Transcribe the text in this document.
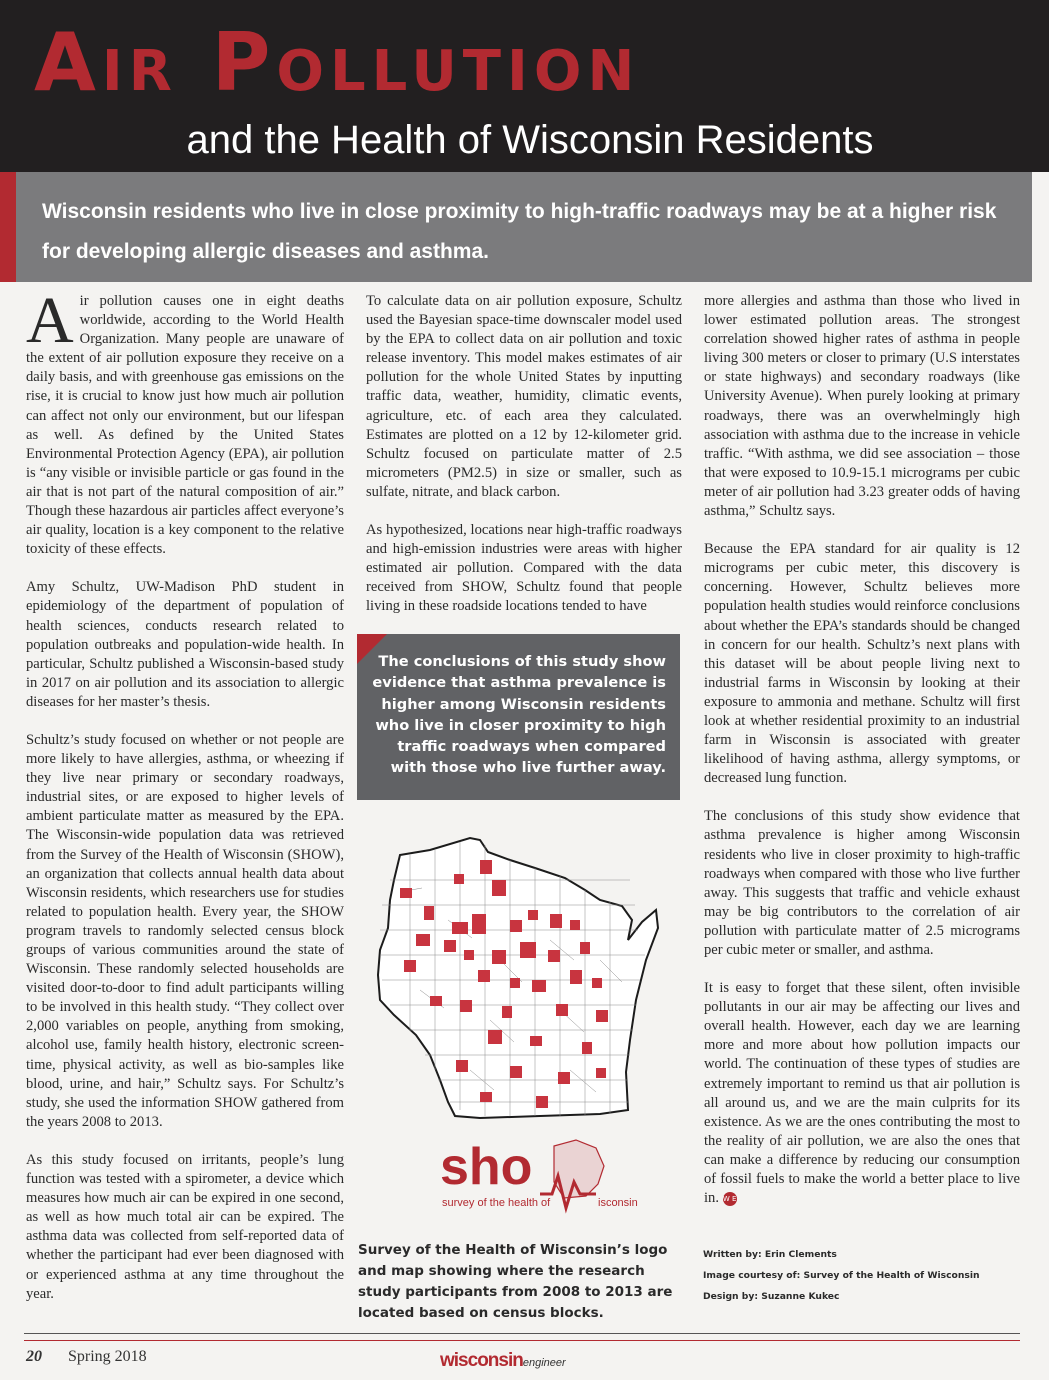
Air Pollution
and the Health of Wisconsin Residents
Wisconsin residents who live in close proximity to high-traffic roadways may be at a higher risk for developing allergic diseases and asthma.

Air pollution causes one in eight deaths worldwide, according to the World Health Organization. Many people are unaware of the extent of air pollution exposure they receive on a daily basis, and with greenhouse gas emissions on the rise, it is crucial to know just how much air pollution can affect not only our environment, but our lifespan as well. As defined by the United States Environmental Protection Agency (EPA), air pollution is “any visible or invisible particle or gas found in the air that is not part of the natural composition of air.” Though these hazardous air particles affect everyone’s air quality, location is a key component to the relative toxicity of these effects.

Amy Schultz, UW-Madison PhD student in epidemiology of the department of population of health sciences, conducts research related to population outbreaks and population-wide health. In particular, Schultz published a Wisconsin-based study in 2017 on air pollution and its association to allergic diseases for her master’s thesis.

Schultz’s study focused on whether or not people are more likely to have allergies, asthma, or wheezing if they live near primary or secondary roadways, industrial sites, or are exposed to higher levels of ambient particulate matter as measured by the EPA. The Wisconsin-wide population data was retrieved from the Survey of the Health of Wisconsin (SHOW), an organization that collects annual health data about Wisconsin residents, which researchers use for studies related to population health. Every year, the SHOW program travels to randomly selected census block groups of various communities around the state of Wisconsin. These randomly selected households are visited door-to-door to find adult participants willing to be involved in this health study. “They collect over 2,000 variables on people, anything from smoking, alcohol use, family health history, electronic screen-time, physical activity, as well as bio-samples like blood, urine, and hair,” Schultz says. For Schultz’s study, she used the information SHOW gathered from the years 2008 to 2013.

As this study focused on irritants, people’s lung function was tested with a spirometer, a device which measures how much air can be expired in one second, as well as how much total air can be expired. The asthma data was collected from self-reported data of whether the participant had ever been diagnosed with or experienced asthma at any time throughout the year.

To calculate data on air pollution exposure, Schultz used the Bayesian space-time downscaler model used by the EPA to collect data on air pollution and toxic release inventory. This model makes estimates of air pollution for the whole United States by inputting traffic data, weather, humidity, climatic events, agriculture, etc. of each area they calculated. Estimates are plotted on a 12 by 12-kilometer grid. Schultz focused on particulate matter of 2.5 micrometers (PM2.5) in size or smaller, such as sulfate, nitrate, and black carbon.

As hypothesized, locations near high-traffic roadways and high-emission industries were areas with higher estimated air pollution. Compared with the data received from SHOW, Schultz found that people living in these roadside locations tended to have

more allergies and asthma than those who lived in lower estimated pollution areas. The strongest correlation showed higher rates of asthma in people living 300 meters or closer to primary (U.S interstates or state highways) and secondary roadways (like University Avenue). When purely looking at primary roadways, there was an overwhelmingly high association with asthma due to the increase in vehicle traffic. “With asthma, we did see association – those that were exposed to 10.9-15.1 micrograms per cubic meter of air pollution had 3.23 greater odds of having asthma,” Schultz says.

Because the EPA standard for air quality is 12 micrograms per cubic meter, this discovery is concerning. However, Schultz believes more population health studies would reinforce conclusions about whether the EPA’s standards should be changed in concern for our health. Schultz’s next plans with this dataset will be about people living next to industrial farms in Wisconsin by looking at their exposure to ammonia and methane. Schultz will first look at whether residential proximity to an industrial farm in Wisconsin is associated with greater likelihood of having asthma, allergy symptoms, or decreased lung function.

The conclusions of this study show evidence that asthma prevalence is higher among Wisconsin residents who live in closer proximity to high-traffic roadways when compared with those who live further away. This suggests that traffic and vehicle exhaust may be big contributors to the correlation of air pollution with particulate matter of 2.5 micrograms per cubic meter or smaller, and asthma.

It is easy to forget that these silent, often invisible pollutants in our air may be affecting our lives and overall health. However, each day we are learning more and more about how pollution impacts our world. The continuation of these types of studies are extremely important to remind us that air pollution is all around us, and we are the main culprits for its existence. As we are the ones contributing the most to the reality of air pollution, we are also the ones that can make a difference by reducing our consumption of fossil fuels to make the world a better place to live in. W E

The conclusions of this study show evidence that asthma prevalence is higher among Wisconsin residents who live in closer proximity to high traffic roadways when compared with those who live further away.
sho
survey of the health of	isconsin
Survey of the Health of Wisconsin’s logo and map showing where the research study participants from 2008 to 2013 are located based on census blocks.
Written by: Erin Clements
Image courtesy of: Survey of the Health of Wisconsin
Design by: Suzanne Kukec
20 Spring 2018	wisconsinengineer
